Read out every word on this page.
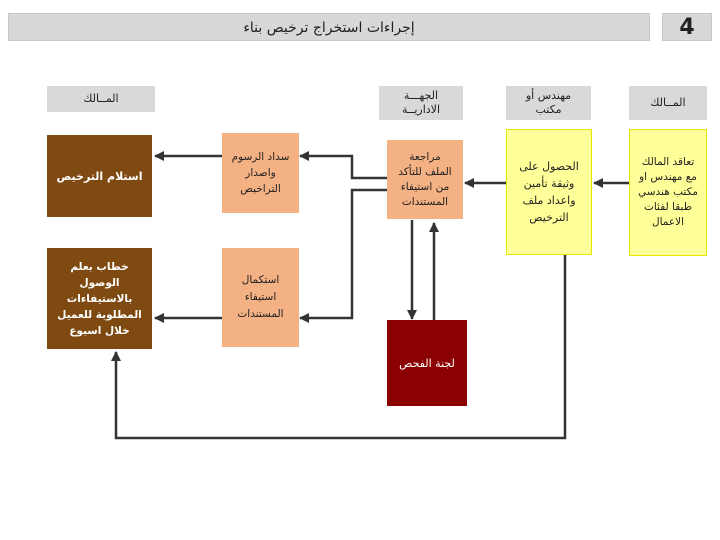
إجراءات استخراج ترخيص بناء	4
المــالك
مهندس أو
مكتب
الجهـــة
الاداريــة
المــالك
تعاقد المالك
مع مهندس او
مكتب هندسي
طبقا لفئات
الاعمال
الحصول على
وثيقة تأمين
واعداد ملف
الترخيص
مراجعة
الملف للتأكد
من استيفاء
المستندات
لجنة الفحص
سداد الرسوم
واصدار
التراخيص
استكمال
استيفاء
المستندات
استلام الترخيص
خطاب بعلم
الوصول
بالاستيفاءات
المطلوبة للعميل
خلال اسبوع
